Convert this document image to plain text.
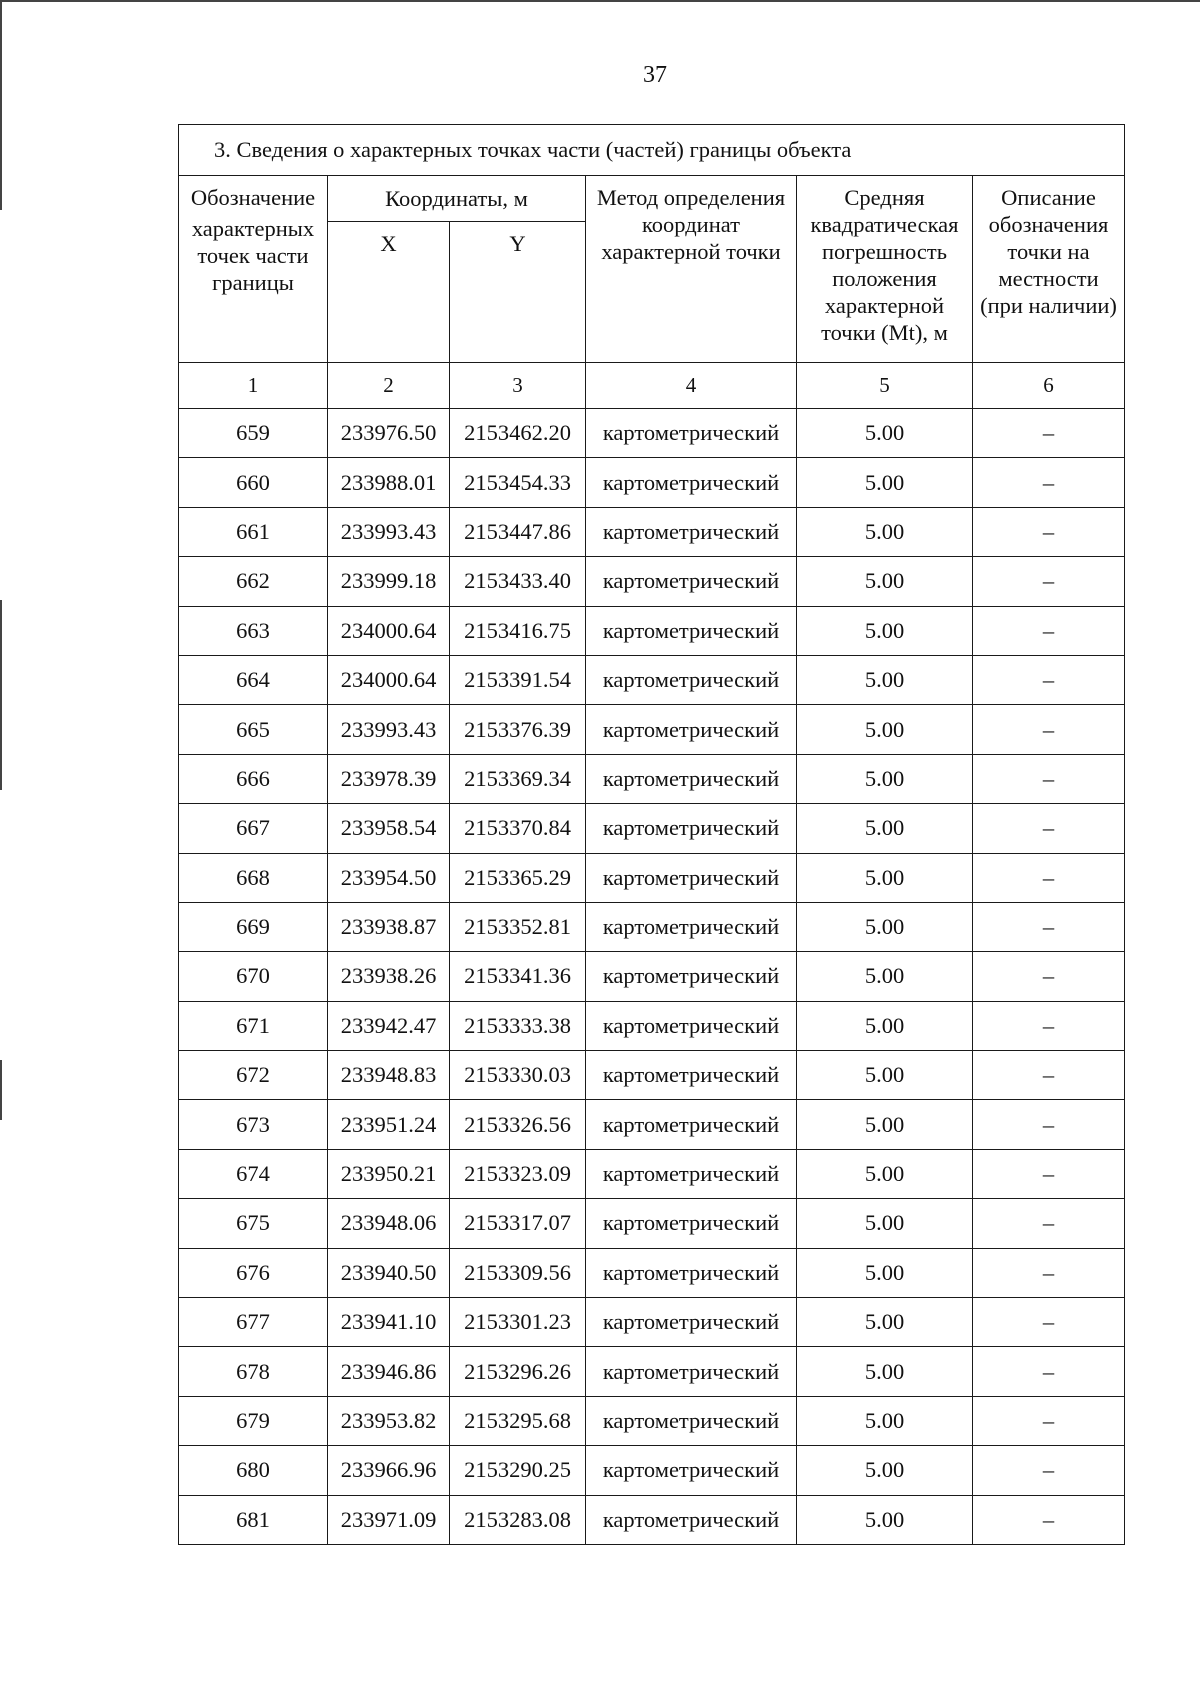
37
3. Сведения о характерных точках части (частей) границы объекта					

Обозначение
характерных точек части границы	Координаты, м		Метод определения координат характерной точки	Средняя квадратическая погрешность положения характерной точки (Mt), м	Описание обозначения точки на местности (при наличии)
	X	Y			
1	2	3	4	5	6
659	233976.50	2153462.20	картометрический	5.00	–
660	233988.01	2153454.33	картометрический	5.00	–
661	233993.43	2153447.86	картометрический	5.00	–
662	233999.18	2153433.40	картометрический	5.00	–
663	234000.64	2153416.75	картометрический	5.00	–
664	234000.64	2153391.54	картометрический	5.00	–
665	233993.43	2153376.39	картометрический	5.00	–
666	233978.39	2153369.34	картометрический	5.00	–
667	233958.54	2153370.84	картометрический	5.00	–
668	233954.50	2153365.29	картометрический	5.00	–
669	233938.87	2153352.81	картометрический	5.00	–
670	233938.26	2153341.36	картометрический	5.00	–
671	233942.47	2153333.38	картометрический	5.00	–
672	233948.83	2153330.03	картометрический	5.00	–
673	233951.24	2153326.56	картометрический	5.00	–
674	233950.21	2153323.09	картометрический	5.00	–
675	233948.06	2153317.07	картометрический	5.00	–
676	233940.50	2153309.56	картометрический	5.00	–
677	233941.10	2153301.23	картометрический	5.00	–
678	233946.86	2153296.26	картометрический	5.00	–
679	233953.82	2153295.68	картометрический	5.00	–
680	233966.96	2153290.25	картометрический	5.00	–
681	233971.09	2153283.08	картометрический	5.00	–
